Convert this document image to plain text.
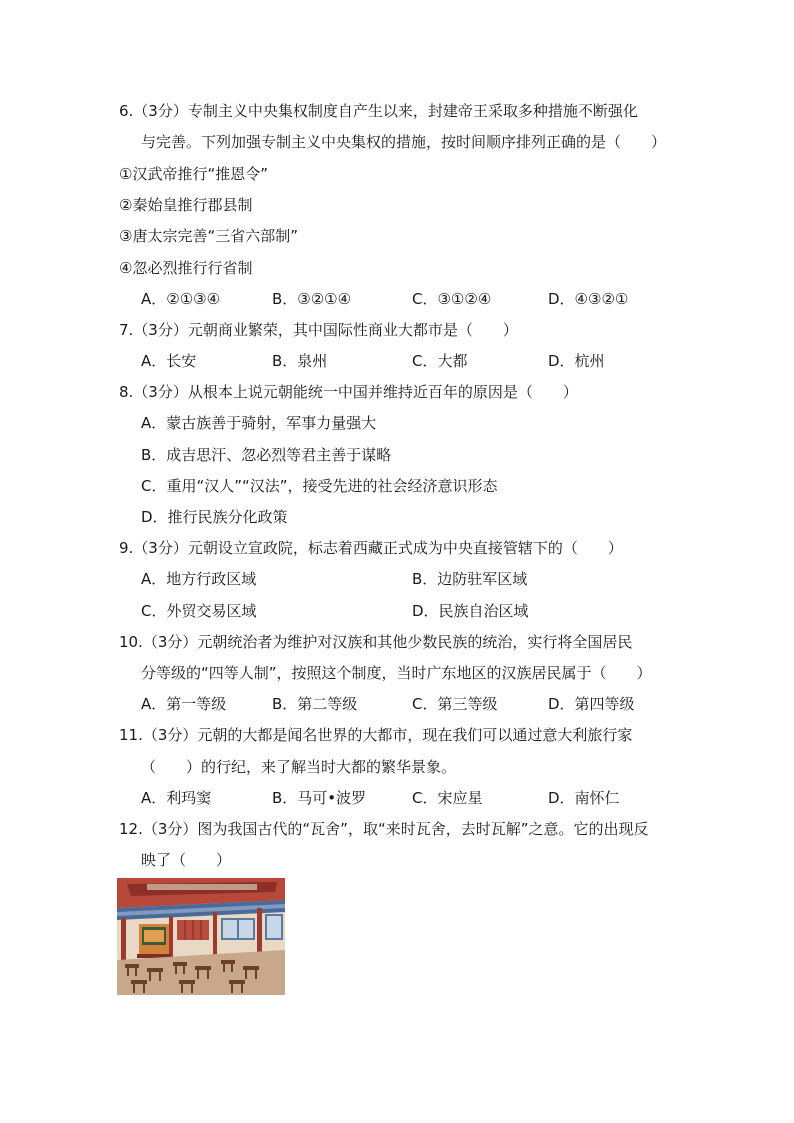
6.（3分）专制主义中央集权制度自产生以来，封建帝王采取多种措施不断强化
与完善。下列加强专制主义中央集权的措施，按时间顺序排列正确的是（　　）
①汉武帝推行“推恩令”
②秦始皇推行郡县制
③唐太宗完善“三省六部制”
④忽必烈推行行省制
A．②①③④	B．③②①④	C．③①②④	D．④③②①
7.（3分）元朝商业繁荣，其中国际性商业大都市是（　　）
A．长安	B．泉州	C．大都	D．杭州
8.（3分）从根本上说元朝能统一中国并维持近百年的原因是（　　）
A．蒙古族善于骑射，军事力量强大
B．成吉思汗、忽必烈等君主善于谋略
C．重用“汉人”“汉法”，接受先进的社会经济意识形态
D．推行民族分化政策
9.（3分）元朝设立宣政院，标志着西藏正式成为中央直接管辖下的（　　）
A．地方行政区域	B．边防驻军区域
C．外贸交易区域	D．民族自治区域
10.（3分）元朝统治者为维护对汉族和其他少数民族的统治，实行将全国居民
分等级的“四等人制”，按照这个制度，当时广东地区的汉族居民属于（　　）
A．第一等级	B．第二等级	C．第三等级	D．第四等级
11.（3分）元朝的大都是闻名世界的大都市，现在我们可以通过意大利旅行家
（　　）的行纪，来了解当时大都的繁华景象。
A．利玛窦	B．马可•波罗	C．宋应星	D．南怀仁
12.（3分）图为我国古代的“瓦舍”，取“来时瓦舍，去时瓦解”之意。它的出现反
映了（　　）
